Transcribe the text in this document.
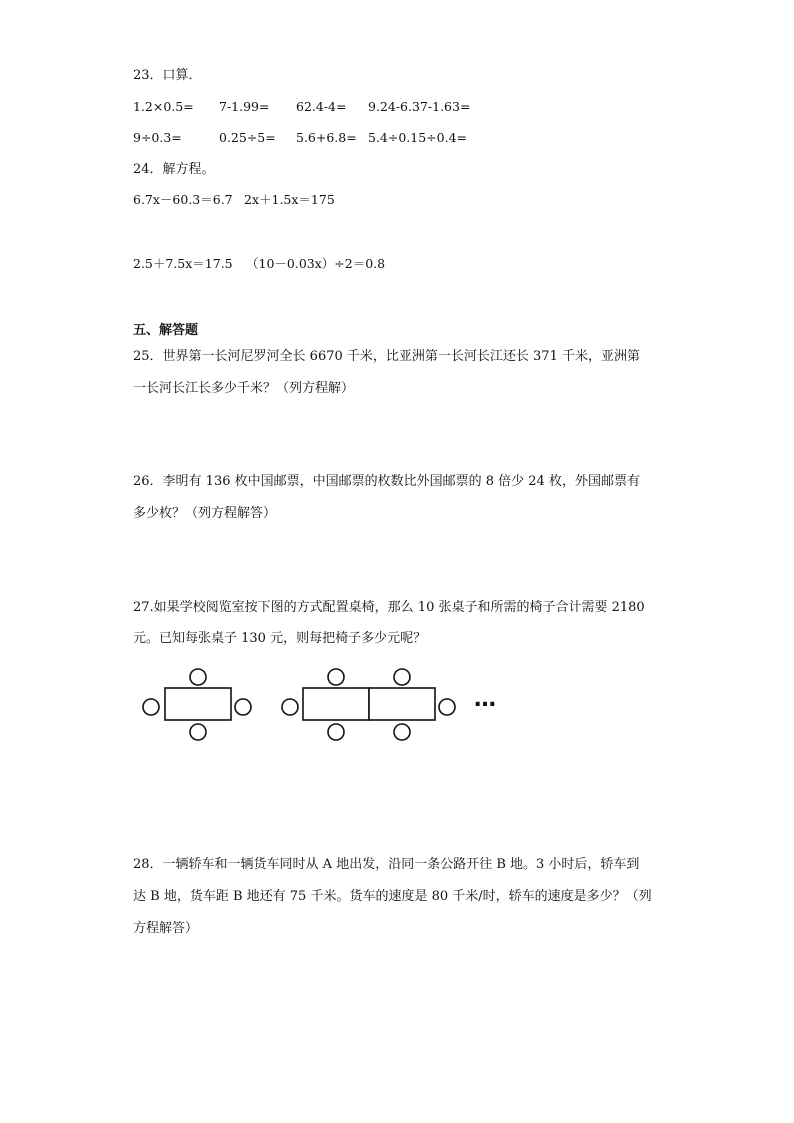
23．口算．
1.2×0.5= 7-1.99= 62.4-4= 9.24-6.37-1.63=
9÷0.3=	0.25÷5= 5.6+6.8= 5.4÷0.15÷0.4=
24．解方程。
6.7x－60.3＝6.7 2x＋1.5x＝175
2.5＋7.5x＝17.5 （10－0.03x）÷2＝0.8
五、解答题
25．世界第一长河尼罗河全长 6670 千米，比亚洲第一长河长江还长 371 千米，亚洲第
一长河长江长多少千米？（列方程解）
26．李明有 136 枚中国邮票，中国邮票的枚数比外国邮票的 8 倍少 24 枚，外国邮票有
多少枚？（列方程解答）
27.如果学校阅览室按下图的方式配置桌椅，那么 10 张桌子和所需的椅子合计需要 2180
元。已知每张桌子 130 元，则每把椅子多少元呢？
…
28．一辆轿车和一辆货车同时从 A 地出发，沿同一条公路开往 B 地。3 小时后，轿车到
达 B 地，货车距 B 地还有 75 千米。货车的速度是 80 千米/时，轿车的速度是多少？（列
方程解答）
